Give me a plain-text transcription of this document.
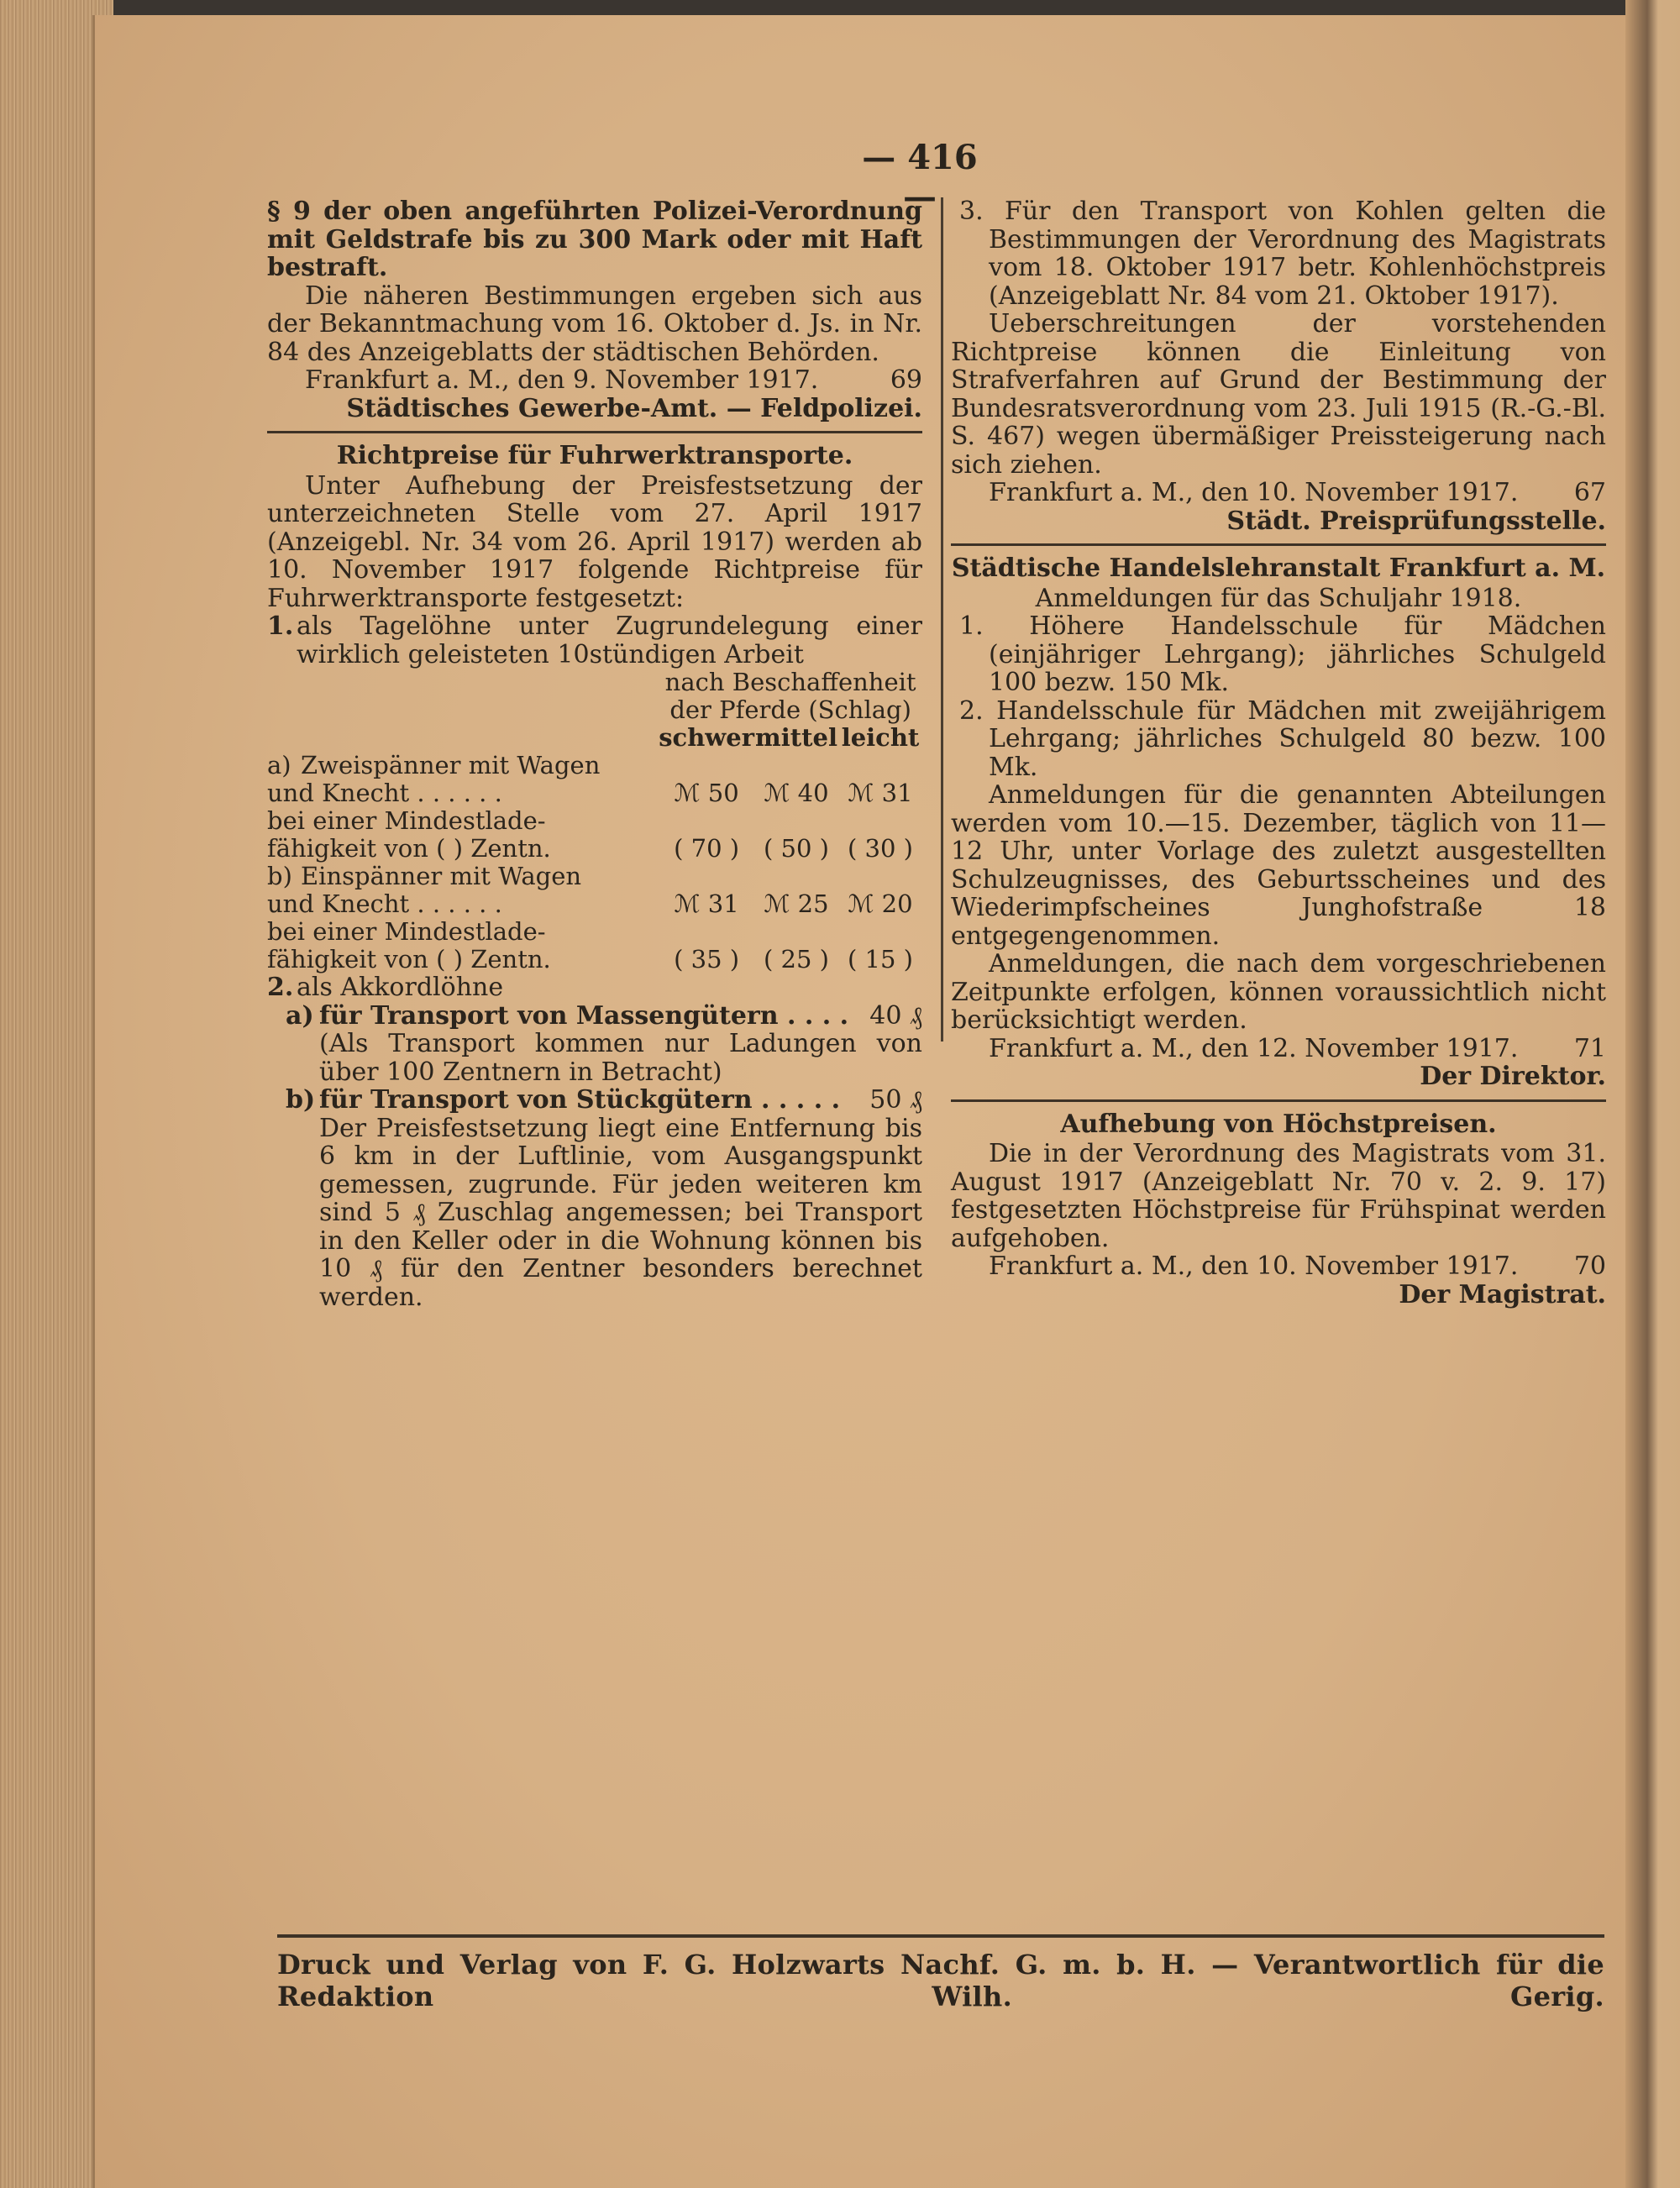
— 416 —

§ 9 der oben angeführten Polizei-Verordnung mit Geldstrafe bis zu 300 Mark oder mit Haft bestraft.

Die näheren Bestimmungen ergeben sich aus der Bekanntmachung vom 16. Oktober d. Js. in Nr. 84 des Anzeigeblatts der städtischen Behörden.

Frankfurt a. M., den 9. November 1917.	69

Städtisches Gewerbe-Amt. — Feldpolizei.

Richtpreise für Fuhrwerktransporte.

Unter Aufhebung der Preisfestsetzung der unterzeichneten Stelle vom 27. April 1917 (Anzeigebl. Nr. 34 vom 26. April 1917) werden ab 10. November 1917 folgende Richtpreise für Fuhrwerktransporte festgesetzt:

1. als Tagelöhne unter Zugrundelegung einer wirklich geleisteten 10stündigen Arbeit
	nach Beschaffenheit der Pferde (Schlag)		
	schwer	mittel	leicht
a) Zweispänner mit Wagen			
und Knecht . . . . . .	ℳ 50	ℳ 40	ℳ 31
bei einer Mindestlade-			
fähigkeit von ( ) Zentn.	( 70 )	( 50 )	( 30 )
b) Einspänner mit Wagen			
und Knecht . . . . . .	ℳ 31	ℳ 25	ℳ 20
bei einer Mindestlade-			
fähigkeit von ( ) Zentn.	( 35 )	( 25 )	( 15 )
2. als Akkordlöhne
a) für Transport von Massengütern . . . . 40 ₰

(Als Transport kommen nur Ladungen von über 100 Zentnern in Betracht)

b) für Transport von Stückgütern . . . . . 50 ₰

Der Preisfestsetzung liegt eine Entfernung bis 6 km in der Luftlinie, vom Ausgangspunkt gemessen, zugrunde. Für jeden weiteren km sind 5 ₰ Zuschlag angemessen; bei Transport in den Keller oder in die Wohnung können bis 10 ₰ für den Zentner besonders berechnet werden.

3. Für den Transport von Kohlen gelten die Bestimmungen der Verordnung des Magistrats vom 18. Oktober 1917 betr. Kohlenhöchstpreis (Anzeigeblatt Nr. 84 vom 21. Oktober 1917).

Ueberschreitungen der vorstehenden Richtpreise können die Einleitung von Strafverfahren auf Grund der Bestimmung der Bundesratsverordnung vom 23. Juli 1915 (R.-G.-Bl. S. 467) wegen übermäßiger Preissteigerung nach sich ziehen.

Frankfurt a. M., den 10. November 1917. 67

Städt. Preisprüfungsstelle.

Städtische Handelslehranstalt Frankfurt a. M.

Anmeldungen für das Schuljahr 1918.

1. Höhere Handelsschule für Mädchen (einjähriger Lehrgang); jährliches Schulgeld 100 bezw. 150 Mk.

2. Handelsschule für Mädchen mit zweijährigem Lehrgang; jährliches Schulgeld 80 bezw. 100 Mk.

Anmeldungen für die genannten Abteilungen werden vom 10.—15. Dezember, täglich von 11—12 Uhr, unter Vorlage des zuletzt ausgestellten Schulzeugnisses, des Geburtsscheines und des Wiederimpfscheines Junghofstraße 18 entgegengenommen.

Anmeldungen, die nach dem vorgeschriebenen Zeitpunkte erfolgen, können voraussichtlich nicht berücksichtigt werden.

Frankfurt a. M., den 12. November 1917. 71

Der Direktor.

Aufhebung von Höchstpreisen.

Die in der Verordnung des Magistrats vom 31. August 1917 (Anzeigeblatt Nr. 70 v. 2. 9. 17) festgesetzten Höchstpreise für Frühspinat werden aufgehoben.

Frankfurt a. M., den 10. November 1917. 70

Der Magistrat.

Druck und Verlag von F. G. Holzwarts Nachf. G. m. b. H. — Verantwortlich für die Redaktion Wilh. Gerig.
